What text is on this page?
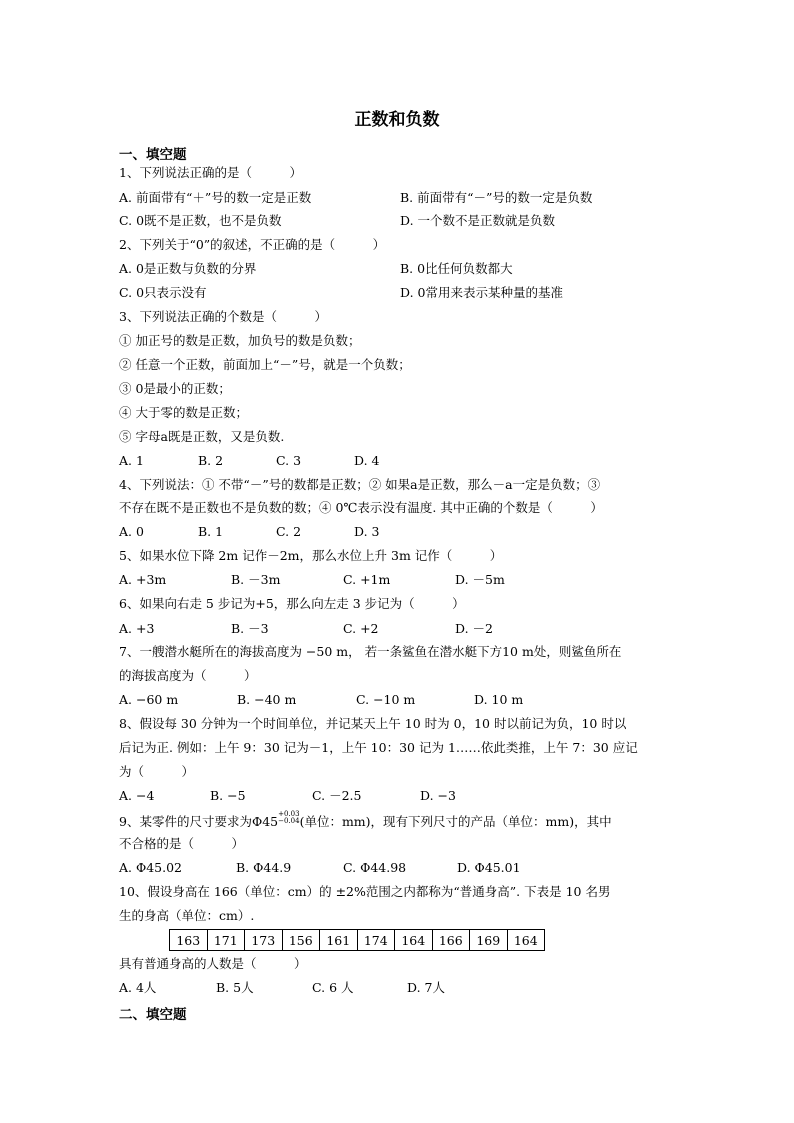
正数和负数
一、填空题
1、下列说法正确的是（　　　）
A. 前面带有“＋”号的数一定是正数	B. 前面带有“－”号的数一定是负数
C. 0既不是正数，也不是负数	D. 一个数不是正数就是负数
2、下列关于“0”的叙述，不正确的是（　　　）
A. 0是正数与负数的分界	B. 0比任何负数都大
C. 0只表示没有	D. 0常用来表示某种量的基准
3、下列说法正确的个数是（　　　）
① 加正号的数是正数，加负号的数是负数；
② 任意一个正数，前面加上“－”号，就是一个负数；
③ 0是最小的正数；
④ 大于零的数是正数；
⑤ 字母a既是正数，又是负数.
A. 1	B. 2	C. 3	D. 4
4、下列说法：① 不带“－”号的数都是正数；② 如果a是正数，那么－a一定是负数；③
不存在既不是正数也不是负数的数；④ 0℃表示没有温度. 其中正确的个数是（　　　）
A. 0	B. 1	C. 2	D. 3
5、如果水位下降 2m 记作－2m，那么水位上升 3m 记作（　　　）
A. +3m	B. －3m	C. +1m	D. －5m
6、如果向右走 5 步记为+5，那么向左走 3 步记为（　　　）
A. +3	B. －3	C. +2	D. －2
7、一艘潜水艇所在的海拔高度为 −50 m， 若一条鲨鱼在潜水艇下方10 m处，则鲨鱼所在
的海拔高度为（　　　）
A. −60 m	B. −40 m	C. −10 m	D. 10 m
8、假设每 30 分钟为一个时间单位，并记某天上午 10 时为 0，10 时以前记为负，10 时以
后记为正. 例如：上午 9：30 记为－1，上午 10：30 记为 1……依此类推，上午 7：30 应记
为（　　　）
A. −4	B. −5	C. －2.5	D. −3
9、某零件的尺寸要求为$\Phi 45^{+0.03 -0.04}$(单位：mm)，现有下列尺寸的产品（单位：mm)，其中
不合格的是（　　　）
A. Φ45.02	B. Φ44.9	C. Φ44.98	D. Φ45.01
10、假设身高在 166（单位：cm）的 ±2%范围之内都称为“普通身高”. 下表是 10 名男
生的身高（单位：cm）.
163	171	173	156	161	174	164	166	169	164
具有普通身高的人数是（　　　）
A. 4人	B. 5人	C. 6 人	D. 7人
二、填空题
